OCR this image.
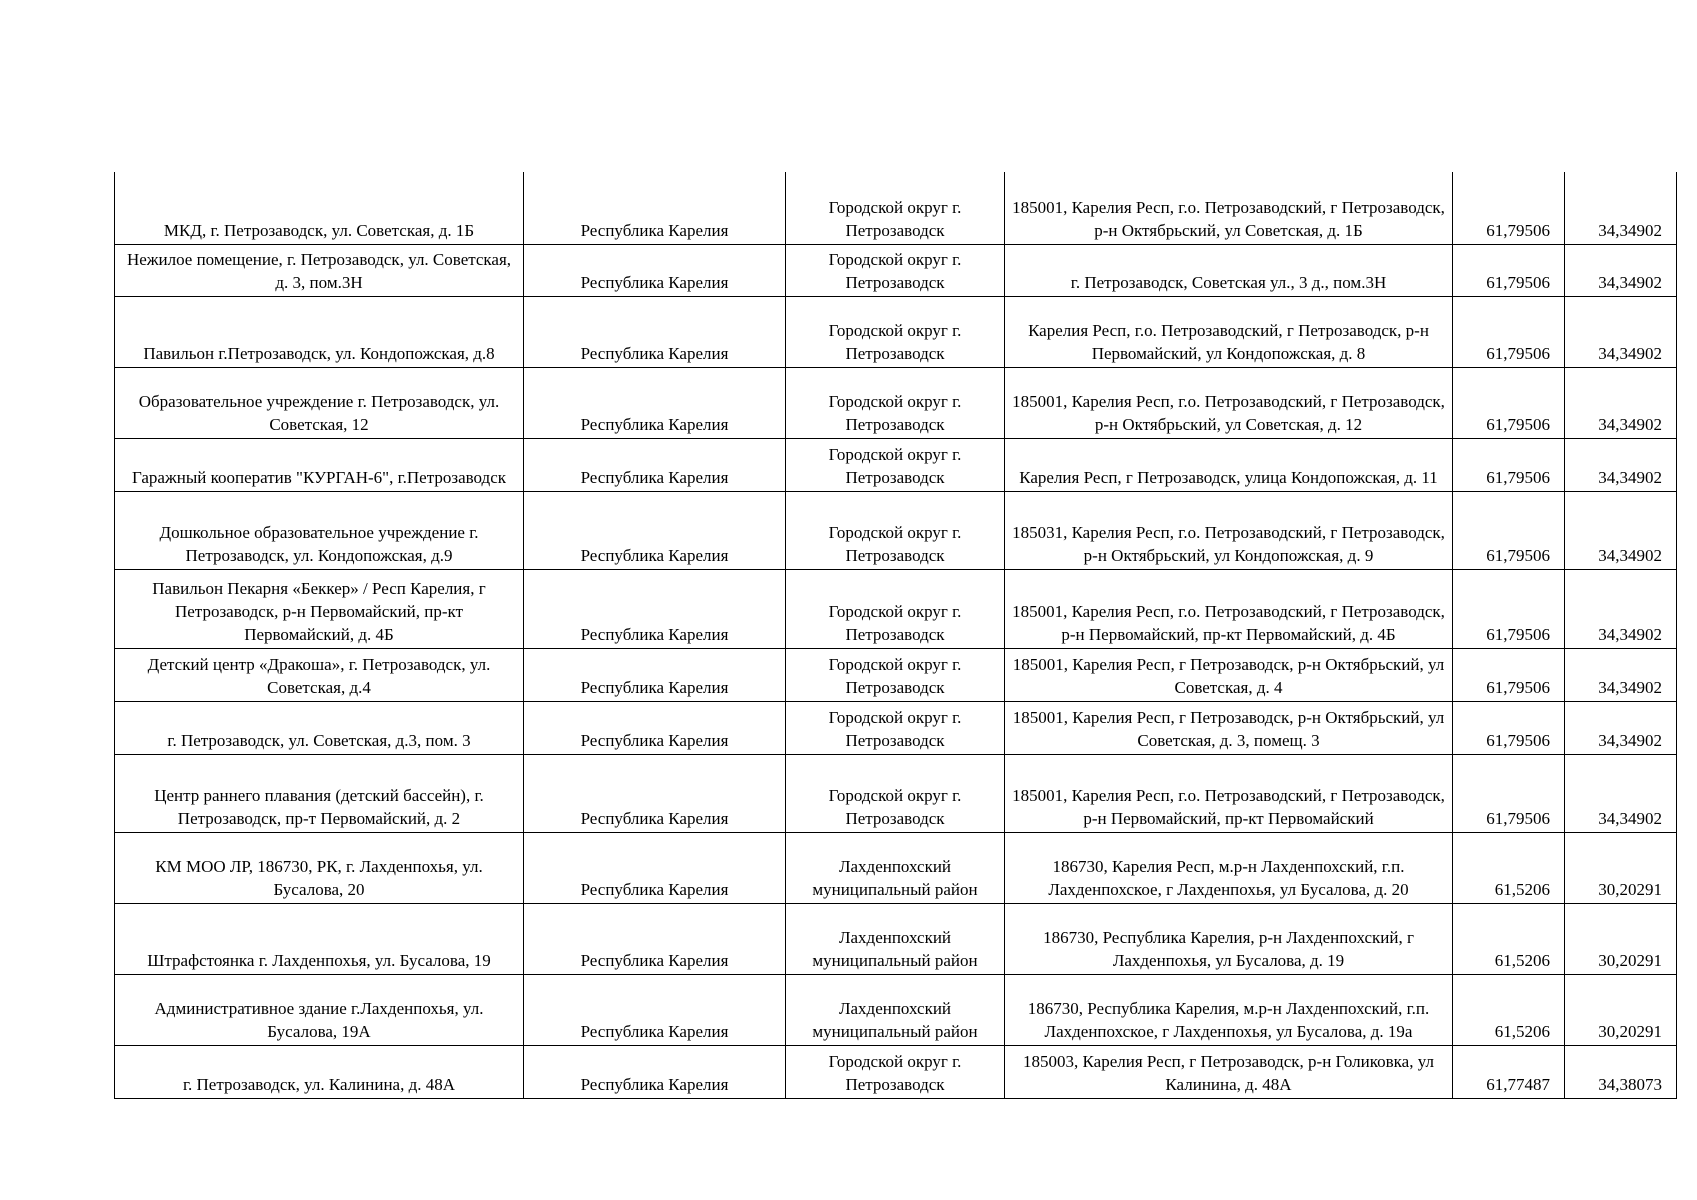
МКД, г. Петрозаводск, ул. Советская, д. 1Б	Республика Карелия	Городской округ г. Петрозаводск	185001, Карелия Респ, г.о. Петрозаводский, г Петрозаводск, р-н Октябрьский, ул Советская, д. 1Б	61,79506	34,34902
Нежилое помещение, г. Петрозаводск, ул. Советская, д. 3, пом.3Н	Республика Карелия	Городской округ г. Петрозаводск	г. Петрозаводск, Советская ул., 3 д., пом.3Н	61,79506	34,34902
Павильон г.Петрозаводск, ул. Кондопожская, д.8	Республика Карелия	Городской округ г. Петрозаводск	Карелия Респ, г.о. Петрозаводский, г Петрозаводск, р-н Первомайский, ул Кондопожская, д. 8	61,79506	34,34902
Образовательное учреждение г. Петрозаводск, ул. Советская, 12	Республика Карелия	Городской округ г. Петрозаводск	185001, Карелия Респ, г.о. Петрозаводский, г Петрозаводск, р-н Октябрьский, ул Советская, д. 12	61,79506	34,34902
Гаражный кооператив "КУРГАН-6", г.Петрозаводск	Республика Карелия	Городской округ г. Петрозаводск	Карелия Респ, г Петрозаводск, улица Кондопожская, д. 11	61,79506	34,34902
Дошкольное образовательное учреждение г. Петрозаводск, ул. Кондопожская, д.9	Республика Карелия	Городской округ г. Петрозаводск	185031, Карелия Респ, г.о. Петрозаводский, г Петрозаводск, р-н Октябрьский, ул Кондопожская, д. 9	61,79506	34,34902
Павильон Пекарня «Беккер» / Респ Карелия, г Петрозаводск, р-н Первомайский, пр-кт Первомайский, д. 4Б	Республика Карелия	Городской округ г. Петрозаводск	185001, Карелия Респ, г.о. Петрозаводский, г Петрозаводск, р-н Первомайский, пр-кт Первомайский, д. 4Б	61,79506	34,34902
Детский центр «Дракоша», г. Петрозаводск, ул. Советская, д.4	Республика Карелия	Городской округ г. Петрозаводск	185001, Карелия Респ, г Петрозаводск, р-н Октябрьский, ул Советская, д. 4	61,79506	34,34902
г. Петрозаводск, ул. Советская, д.3, пом. 3	Республика Карелия	Городской округ г. Петрозаводск	185001, Карелия Респ, г Петрозаводск, р-н Октябрьский, ул Советская, д. 3, помещ. 3	61,79506	34,34902
Центр раннего плавания (детский бассейн), г. Петрозаводск, пр-т Первомайский, д. 2	Республика Карелия	Городской округ г. Петрозаводск	185001, Карелия Респ, г.о. Петрозаводский, г Петрозаводск, р-н Первомайский, пр-кт Первомайский	61,79506	34,34902
КМ МОО ЛР, 186730, РК, г. Лахденпохья, ул. Бусалова, 20	Республика Карелия	Лахденпохский муниципальный район	186730, Карелия Респ, м.р-н Лахденпохский, г.п. Лахденпохское, г Лахденпохья, ул Бусалова, д. 20	61,5206	30,20291
Штрафстоянка г. Лахденпохья, ул. Бусалова, 19	Республика Карелия	Лахденпохский муниципальный район	186730, Республика Карелия, р-н Лахденпохский, г Лахденпохья, ул Бусалова, д. 19	61,5206	30,20291
Административное здание г.Лахденпохья, ул. Бусалова, 19А	Республика Карелия	Лахденпохский муниципальный район	186730, Республика Карелия, м.р-н Лахденпохский, г.п. Лахденпохское, г Лахденпохья, ул Бусалова, д. 19а	61,5206	30,20291
г. Петрозаводск, ул. Калинина, д. 48А	Республика Карелия	Городской округ г. Петрозаводск	185003, Карелия Респ, г Петрозаводск, р-н Голиковка, ул Калинина, д. 48А	61,77487	34,38073
